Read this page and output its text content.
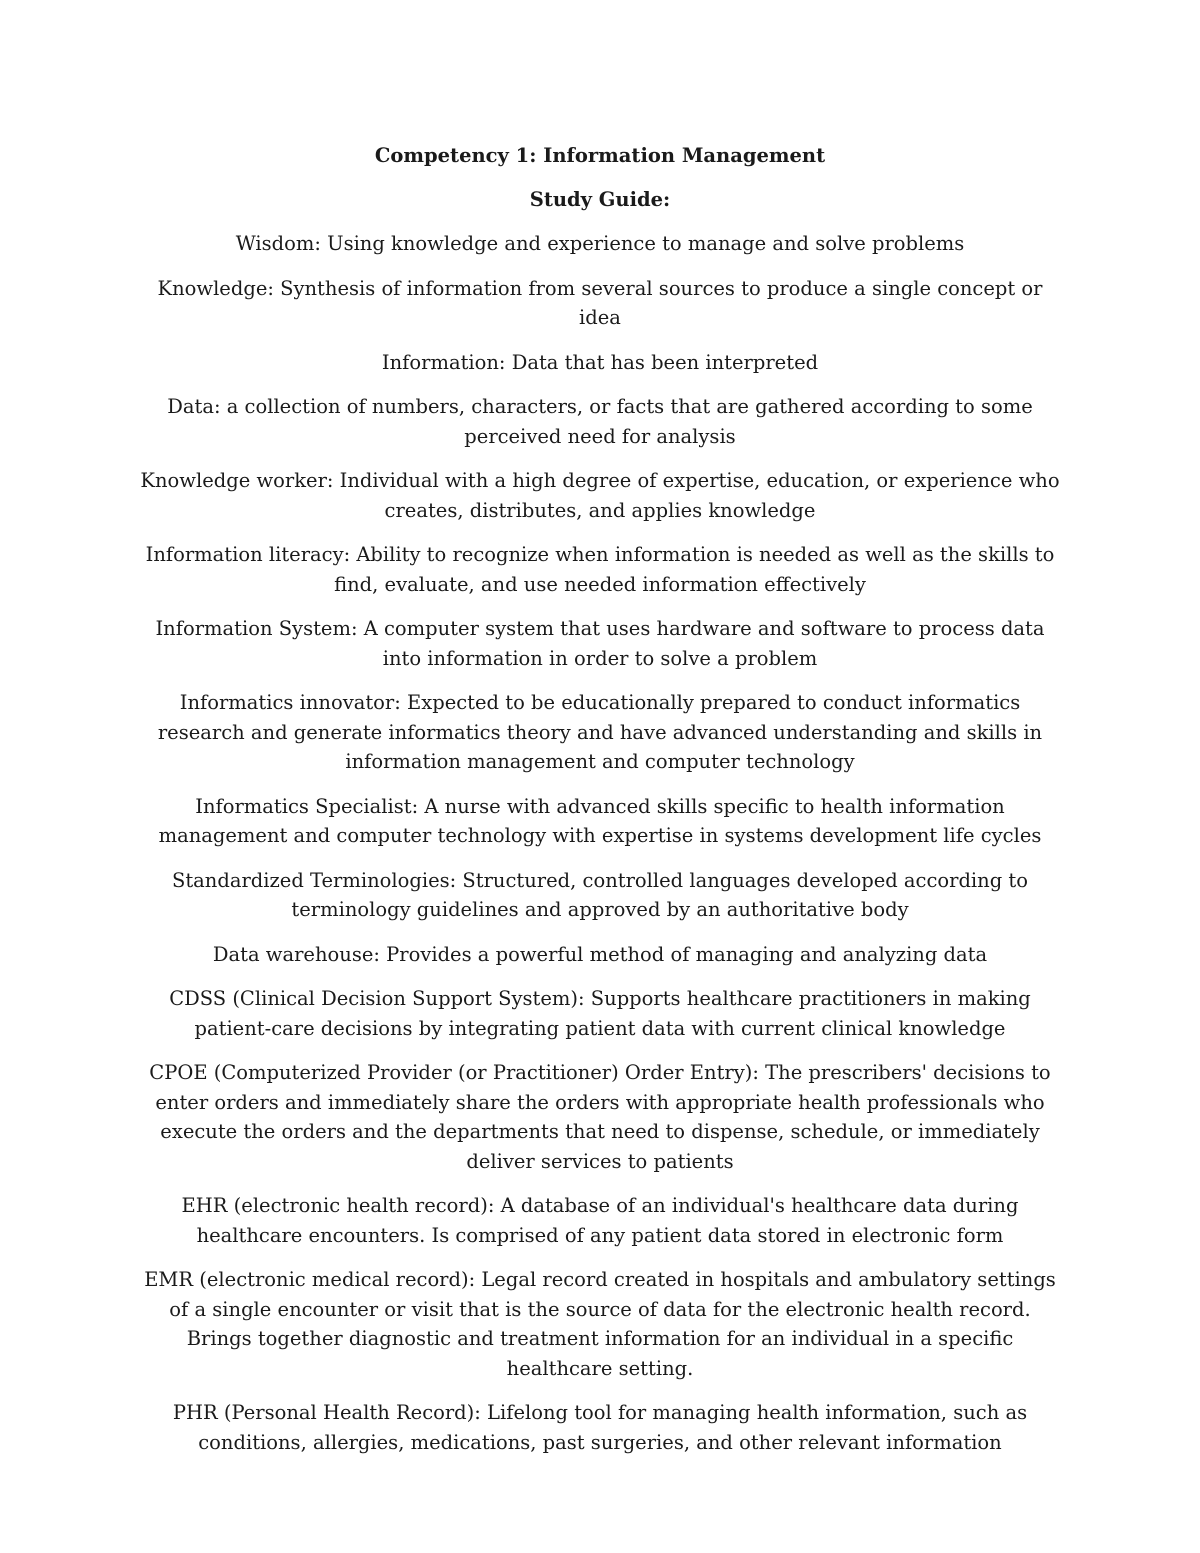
Competency 1: Information Management

Study Guide:

Wisdom: Using knowledge and experience to manage and solve problems

Knowledge: Synthesis of information from several sources to produce a single concept or idea

Information: Data that has been interpreted

Data: a collection of numbers, characters, or facts that are gathered according to some perceived need for analysis

Knowledge worker: Individual with a high degree of expertise, education, or experience who creates, distributes, and applies knowledge

Information literacy: Ability to recognize when information is needed as well as the skills to find, evaluate, and use needed information effectively

Information System: A computer system that uses hardware and software to process data into information in order to solve a problem

Informatics innovator: Expected to be educationally prepared to conduct informatics research and generate informatics theory and have advanced understanding and skills in information management and computer technology

Informatics Specialist: A nurse with advanced skills specific to health information management and computer technology with expertise in systems development life cycles

Standardized Terminologies: Structured, controlled languages developed according to terminology guidelines and approved by an authoritative body

Data warehouse: Provides a powerful method of managing and analyzing data

CDSS (Clinical Decision Support System): Supports healthcare practitioners in making patient-care decisions by integrating patient data with current clinical knowledge

CPOE (Computerized Provider (or Practitioner) Order Entry): The prescribers' decisions to enter orders and immediately share the orders with appropriate health professionals who execute the orders and the departments that need to dispense, schedule, or immediately deliver services to patients

EHR (electronic health record): A database of an individual's healthcare data during healthcare encounters. Is comprised of any patient data stored in electronic form

EMR (electronic medical record): Legal record created in hospitals and ambulatory settings of a single encounter or visit that is the source of data for the electronic health record. Brings together diagnostic and treatment information for an individual in a specific healthcare setting.

PHR (Personal Health Record): Lifelong tool for managing health information, such as conditions, allergies, medications, past surgeries, and other relevant information
